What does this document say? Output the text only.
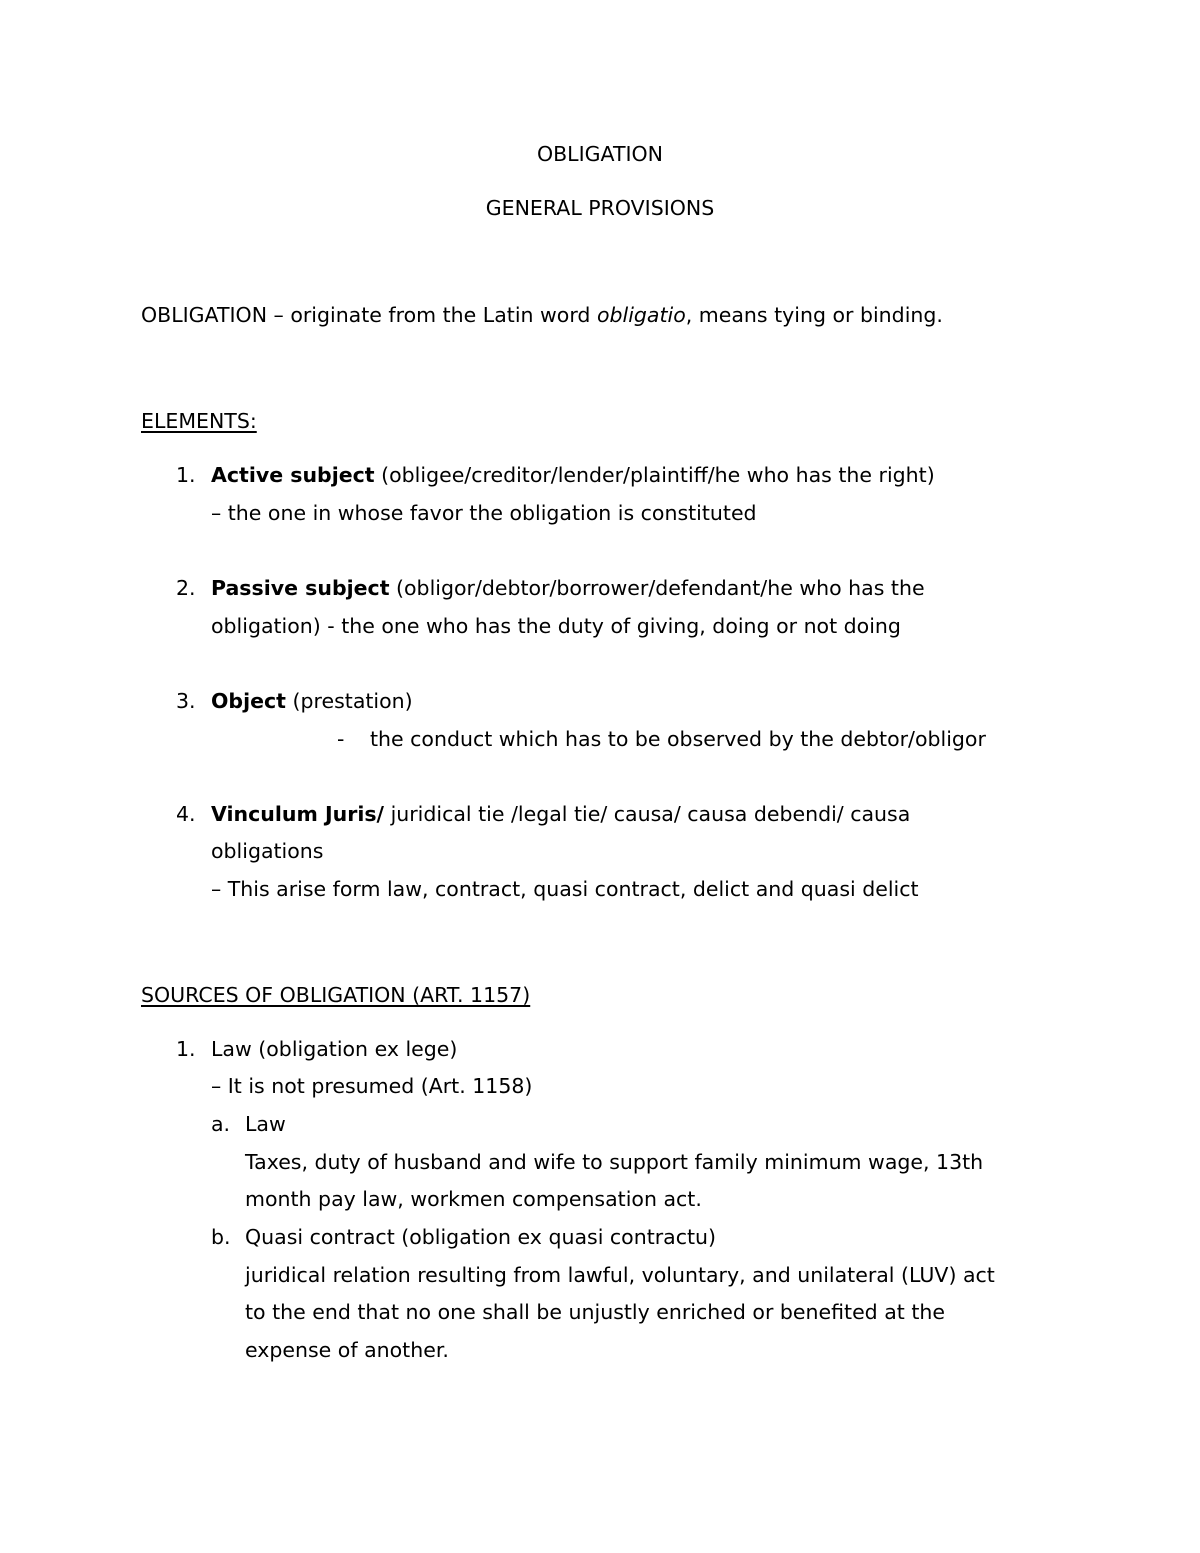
OBLIGATION
GENERAL PROVISIONS
OBLIGATION – originate from the Latin word obligatio, means tying or binding.
ELEMENTS:
1. Active subject (obligee/creditor/lender/plaintiff/he who has the right)
– the one in whose favor the obligation is constituted
2. Passive subject (obligor/debtor/borrower/defendant/he who has the
obligation) - the one who has the duty of giving, doing or not doing
3. Object (prestation)
- the conduct which has to be observed by the debtor/obligor
4. Vinculum Juris/ juridical tie /legal tie/ causa/ causa debendi/ causa
obligations
– This arise form law, contract, quasi contract, delict and quasi delict
SOURCES OF OBLIGATION (ART. 1157)
1. Law (obligation ex lege)
– It is not presumed (Art. 1158)
a. Law
Taxes, duty of husband and wife to support family minimum wage, 13th
month pay law, workmen compensation act.
b. Quasi contract (obligation ex quasi contractu)
juridical relation resulting from lawful, voluntary, and unilateral (LUV) act
to the end that no one shall be unjustly enriched or benefited at the
expense of another.
